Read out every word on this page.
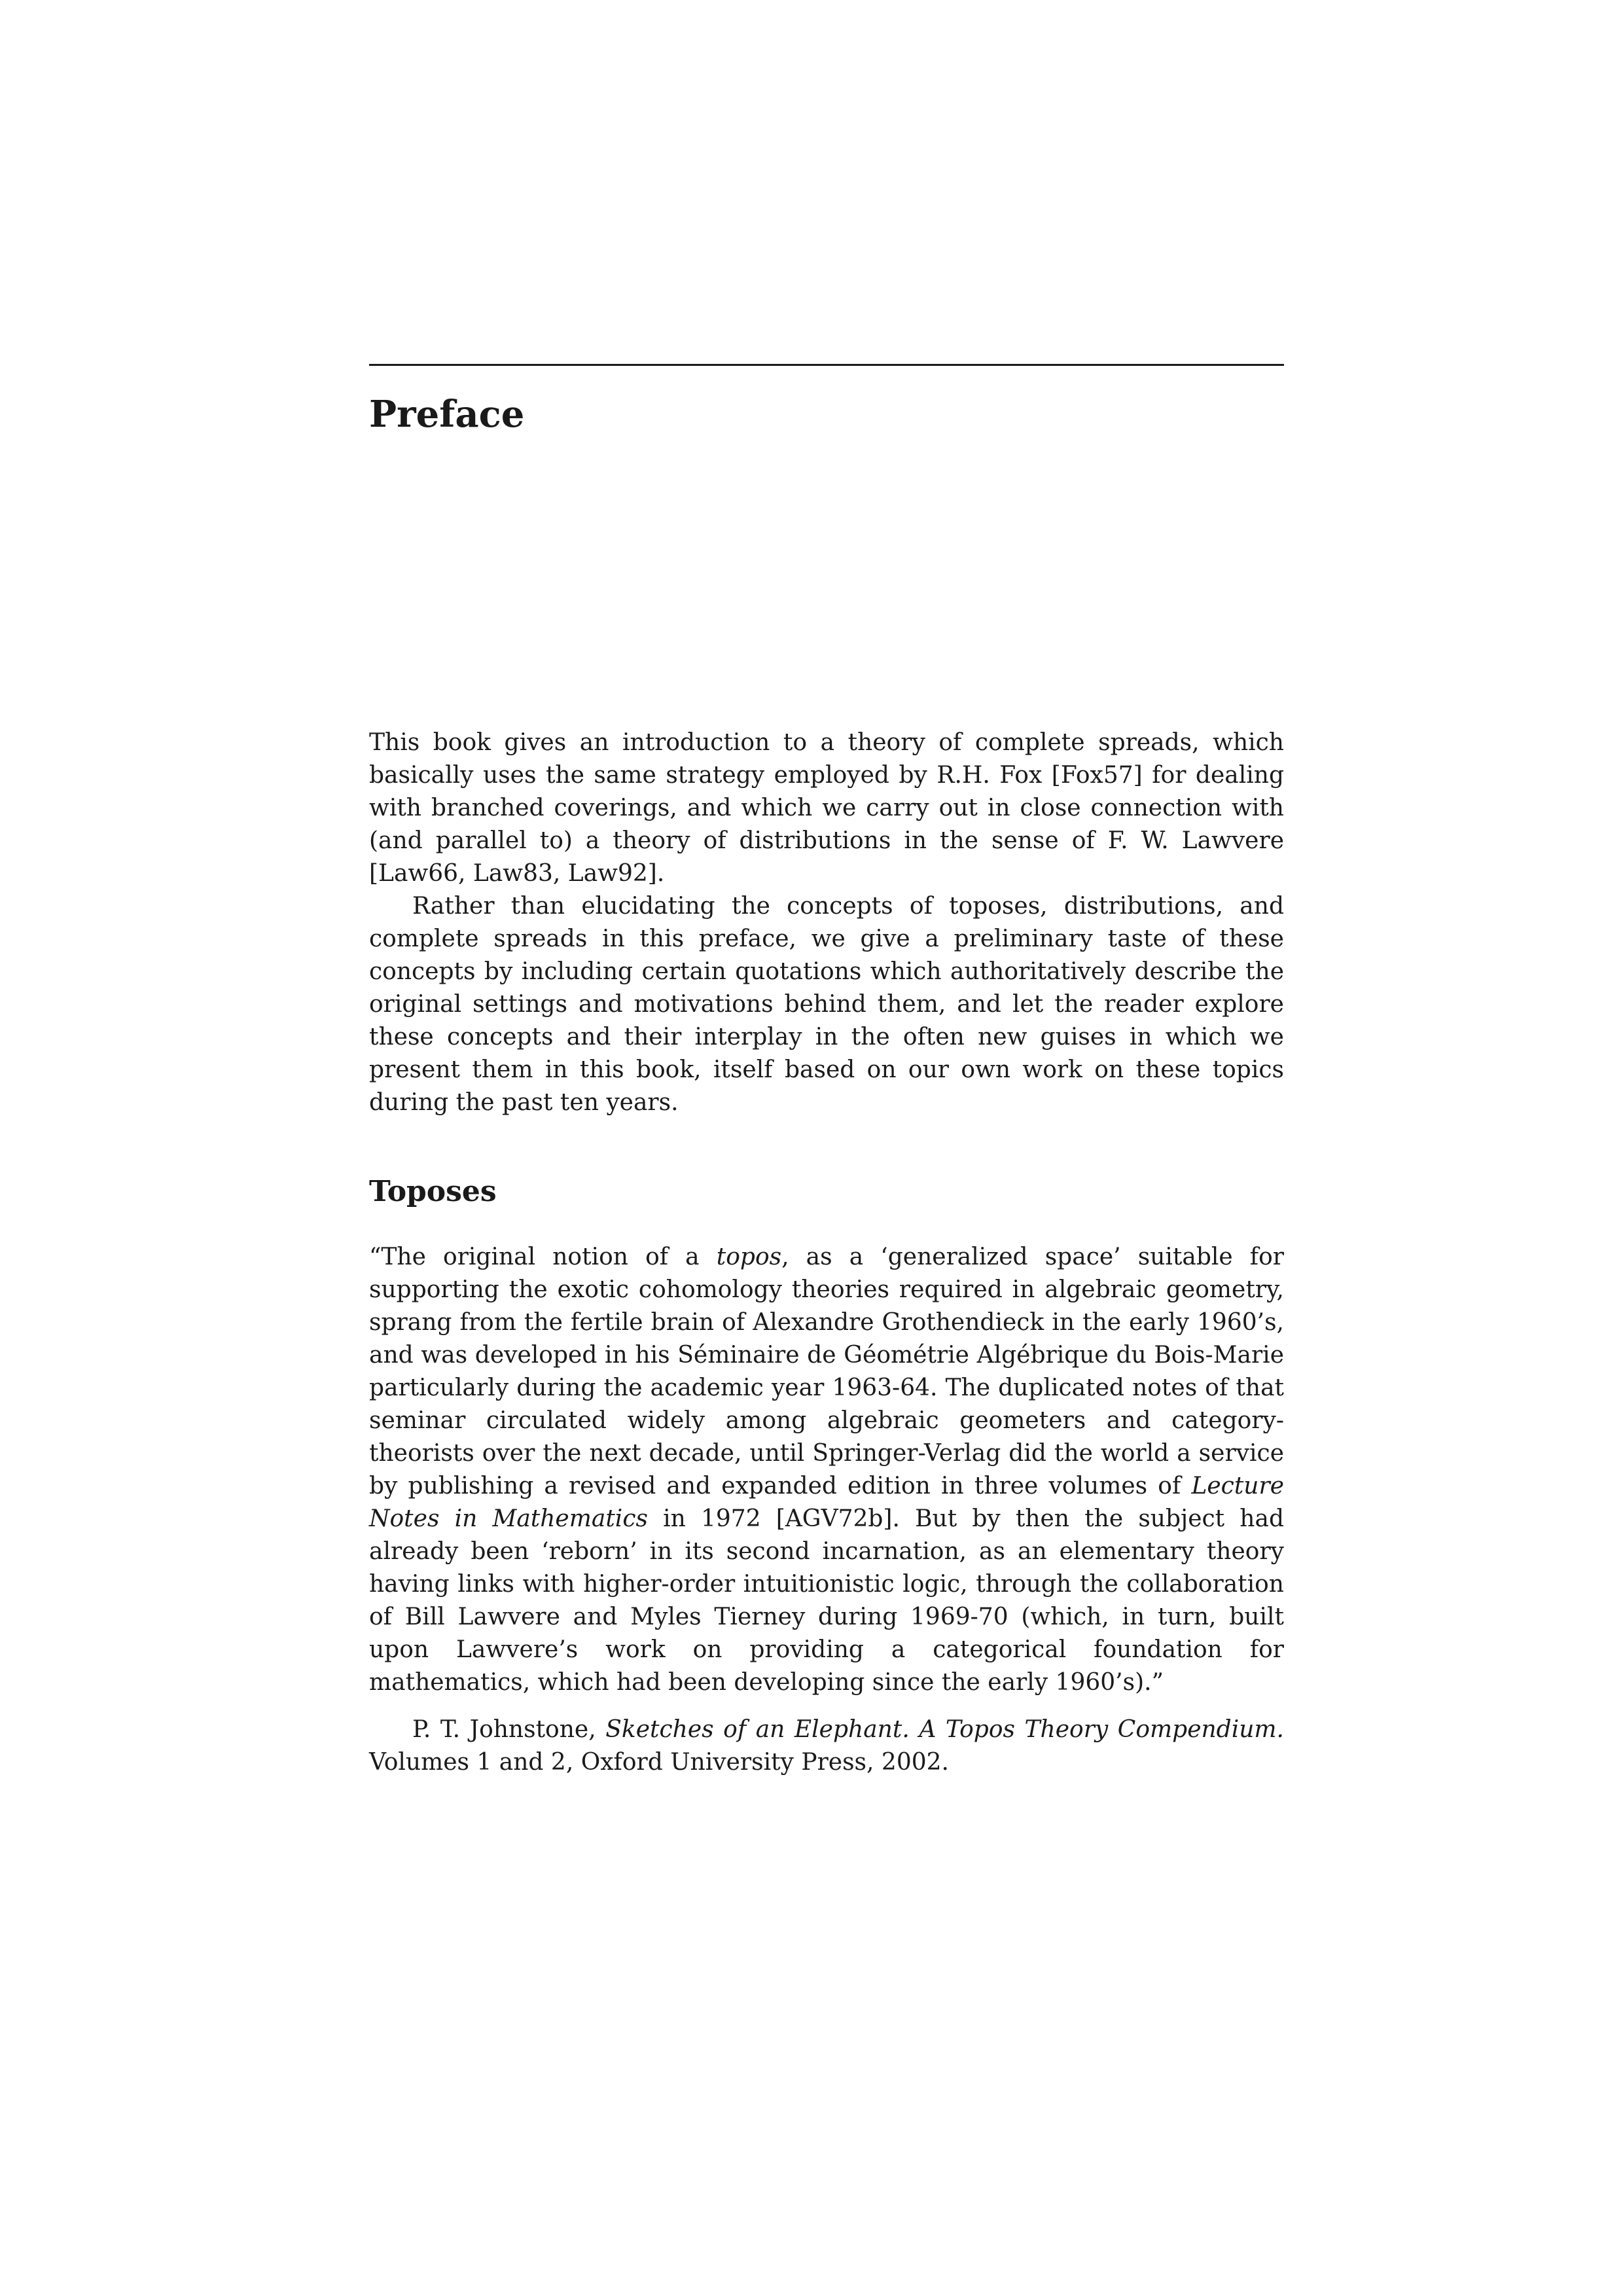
Preface

This book gives an introduction to a theory of complete spreads, which basically uses the same strategy employed by R.H. Fox [Fox57] for dealing with branched coverings, and which we carry out in close connection with (and parallel to) a theory of distributions in the sense of F. W. Lawvere [Law66, Law83, Law92].

Rather than elucidating the concepts of toposes, distributions, and complete spreads in this preface, we give a preliminary taste of these concepts by including certain quotations which authoritatively describe the original settings and motivations behind them, and let the reader explore these concepts and their interplay in the often new guises in which we present them in this book, itself based on our own work on these topics during the past ten years.

Toposes

“The original notion of a topos, as a ‘generalized space’ suitable for supporting the exotic cohomology theories required in algebraic geometry, sprang from the fertile brain of Alexandre Grothendieck in the early 1960’s, and was developed in his Séminaire de Géométrie Algébrique du Bois-Marie particularly during the academic year 1963-64. The duplicated notes of that seminar circulated widely among algebraic geometers and category-theorists over the next decade, until Springer-Verlag did the world a service by publishing a revised and expanded edition in three volumes of Lecture Notes in Mathematics in 1972 [AGV72b]. But by then the subject had already been ‘reborn’ in its second incarnation, as an elementary theory having links with higher-order intuitionistic logic, through the collaboration of Bill Lawvere and Myles Tierney during 1969-70 (which, in turn, built upon Lawvere’s work on providing a categorical foundation for mathematics, which had been developing since the early 1960’s).”

P. T. Johnstone, Sketches of an Elephant. A Topos Theory Compendium. Volumes 1 and 2, Oxford University Press, 2002.
